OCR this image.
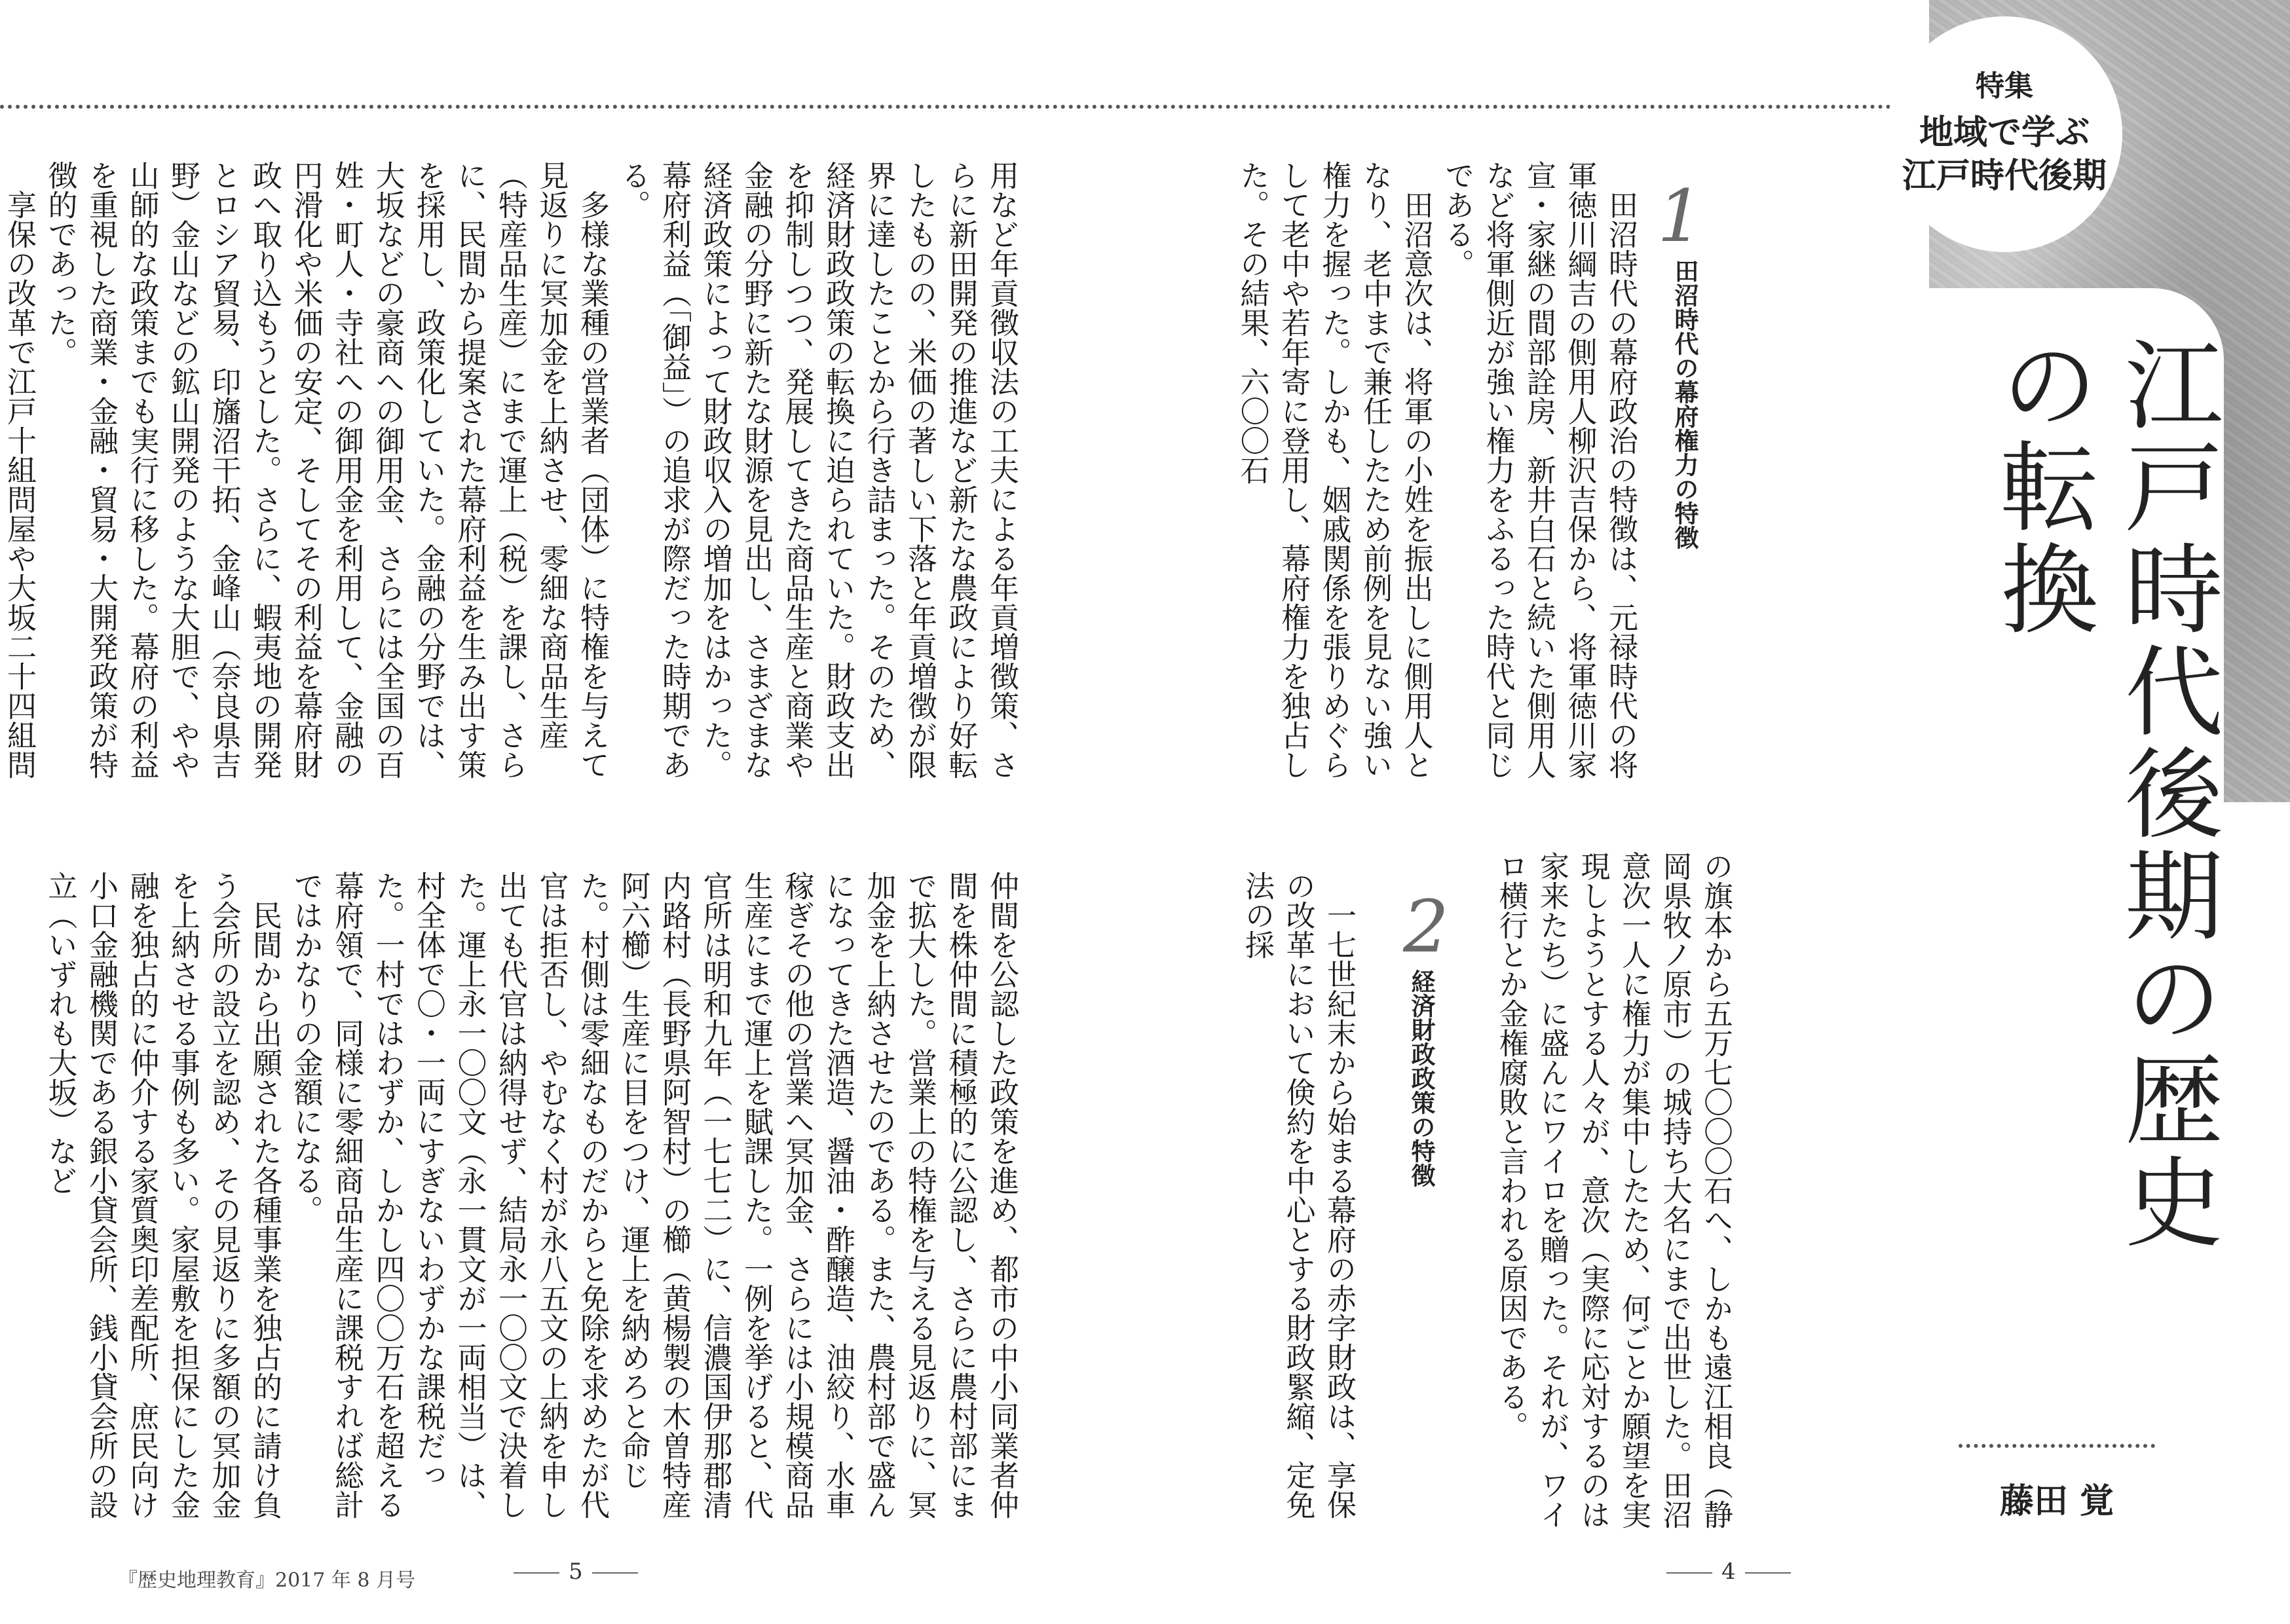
特集
地域で学ぶ
江戸時代後期
江戸時代後期の歴史の転換
藤田 覚
1
田沼時代の幕府権力の特徴

田沼時代の幕府政治の特徴は、元禄時代の将軍徳川綱吉の側用人柳沢吉保から、将軍徳川家宣・家継の間部詮房、新井白石と続いた側用人など将軍側近が強い権力をふるった時代と同じである。

田沼意次は、将軍の小姓を振出しに側用人となり、老中まで兼任したため前例を見ない強い権力を握った。しかも、姻戚関係を張りめぐらして老中や若年寄に登用し、幕府権力を独占した。その結果、六〇〇石

の旗本から五万七〇〇〇石へ、しかも遠江相良（静岡県牧ノ原市）の城持ち大名にまで出世した。田沼意次一人に権力が集中したため、何ごとか願望を実現しようとする人々が、意次（実際に応対するのは家来たち）に盛んにワイロを贈った。それが、ワイロ横行とか金権腐敗と言われる原因である。

2
経済財政政策の特徴

一七世紀末から始まる幕府の赤字財政は、享保の改革において倹約を中心とする財政緊縮、定免法の採

用など年貢徴収法の工夫による年貢増徴策、さらに新田開発の推進など新たな農政により好転したものの、米価の著しい下落と年貢増徴が限界に達したことから行き詰まった。そのため、経済財政政策の転換に迫られていた。財政支出を抑制しつつ、発展してきた商品生産と商業や金融の分野に新たな財源を見出し、さまざまな経済政策によって財政収入の増加をはかった。幕府利益（「御益」）の追求が際だった時期である。

多様な業種の営業者（団体）に特権を与えて見返りに冥加金を上納させ、零細な商品生産（特産品生産）にまで運上（税）を課し、さらに、民間から提案された幕府利益を生み出す策を採用し、政策化していた。金融の分野では、大坂などの豪商への御用金、さらには全国の百姓・町人・寺社への御用金を利用して、金融の円滑化や米価の安定、そしてその利益を幕府財政へ取り込もうとした。さらに、蝦夷地の開発とロシア貿易、印旛沼干拓、金峰山（奈良県吉野）金山などの鉱山開発のような大胆で、やや山師的な政策までも実行に移した。幕府の利益を重視した商業・金融・貿易・大開発政策が特徴的であった。

享保の改革で江戸十組問屋や大坂二十四組問

仲間を公認した政策を進め、都市の中小同業者仲間を株仲間に積極的に公認し、さらに農村部にまで拡大した。営業上の特権を与える見返りに、冥加金を上納させたのである。また、農村部で盛んになってきた酒造、醤油・酢醸造、油絞り、水車稼ぎその他の営業へ冥加金、さらには小規模商品生産にまで運上を賦課した。一例を挙げると、代官所は明和九年（一七七二）に、信濃国伊那郡清内路村（長野県阿智村）の櫛（黄楊製の木曽特産阿六櫛）生産に目をつけ、運上を納めろと命じた。村側は零細なものだからと免除を求めたが代官は拒否し、やむなく村が永八五文の上納を申し出ても代官は納得せず、結局永一〇〇文で決着した。運上永一〇〇文（永一貫文が一両相当）は、村全体で〇・一両にすぎないわずかな課税だった。一村ではわずか、しかし四〇〇万石を超える幕府領で、同様に零細商品生産に課税すれば総計ではかなりの金額になる。

民間から出願された各種事業を独占的に請け負う会所の設立を認め、その見返りに多額の冥加金を上納させる事例も多い。家屋敷を担保にした金融を独占的に仲介する家質奥印差配所、庶民向け小口金融機関である銀小貸会所、銭小貸会所の設立（いずれも大坂）など

『歴史地理教育』2017 年 8 月号	5	4
